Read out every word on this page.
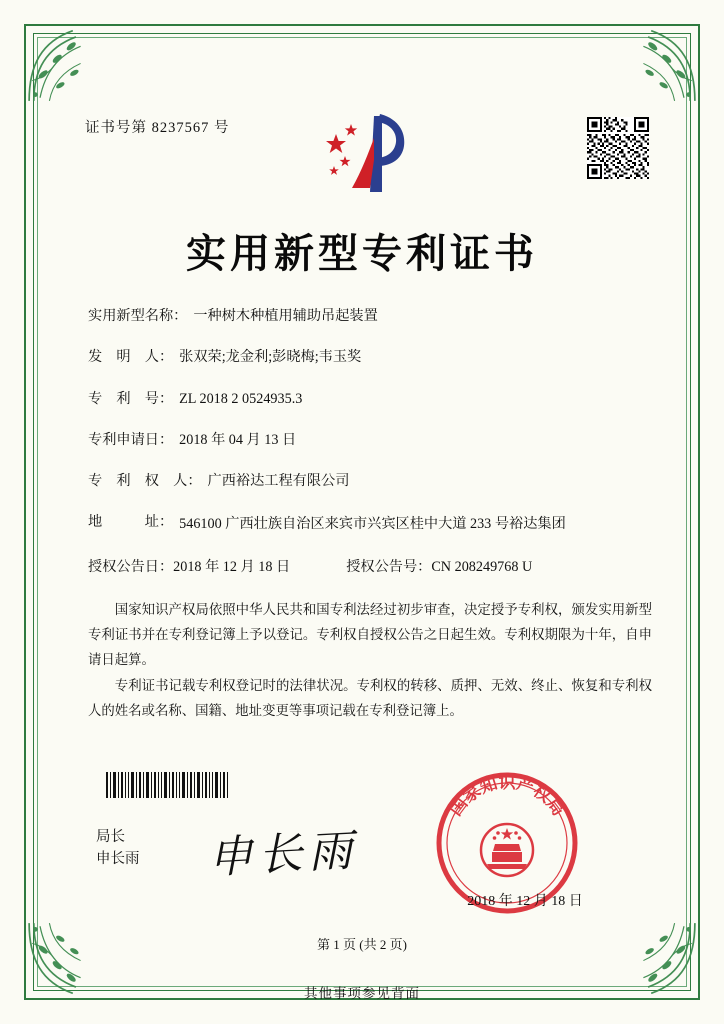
证书号第 8237567 号
实用新型专利证书
实用新型名称： 一种树木种植用辅助吊起装置
发　明　人： 张双荣;龙金利;彭晓梅;韦玉奖
专　利　号： ZL 2018 2 0524935.3
专利申请日： 2018 年 04 月 13 日
专　利　权　人： 广西裕达工程有限公司
地　　　址： 546100 广西壮族自治区来宾市兴宾区桂中大道 233 号裕达集团
授权公告日： 2018 年 12 月 18 日	授权公告号： CN 208249768 U

国家知识产权局依照中华人民共和国专利法经过初步审查，决定授予专利权，颁发实用新型专利证书并在专利登记簿上予以登记。专利权自授权公告之日起生效。专利权期限为十年，自申请日起算。

专利证书记载专利权登记时的法律状况。专利权的转移、质押、无效、终止、恢复和专利权人的姓名或名称、国籍、地址变更等事项记载在专利登记簿上。

局长
申长雨 申长雨
国家知识产权局
2018 年 12 月 18 日
第 1 页 (共 2 页)
其他事项参见背面
